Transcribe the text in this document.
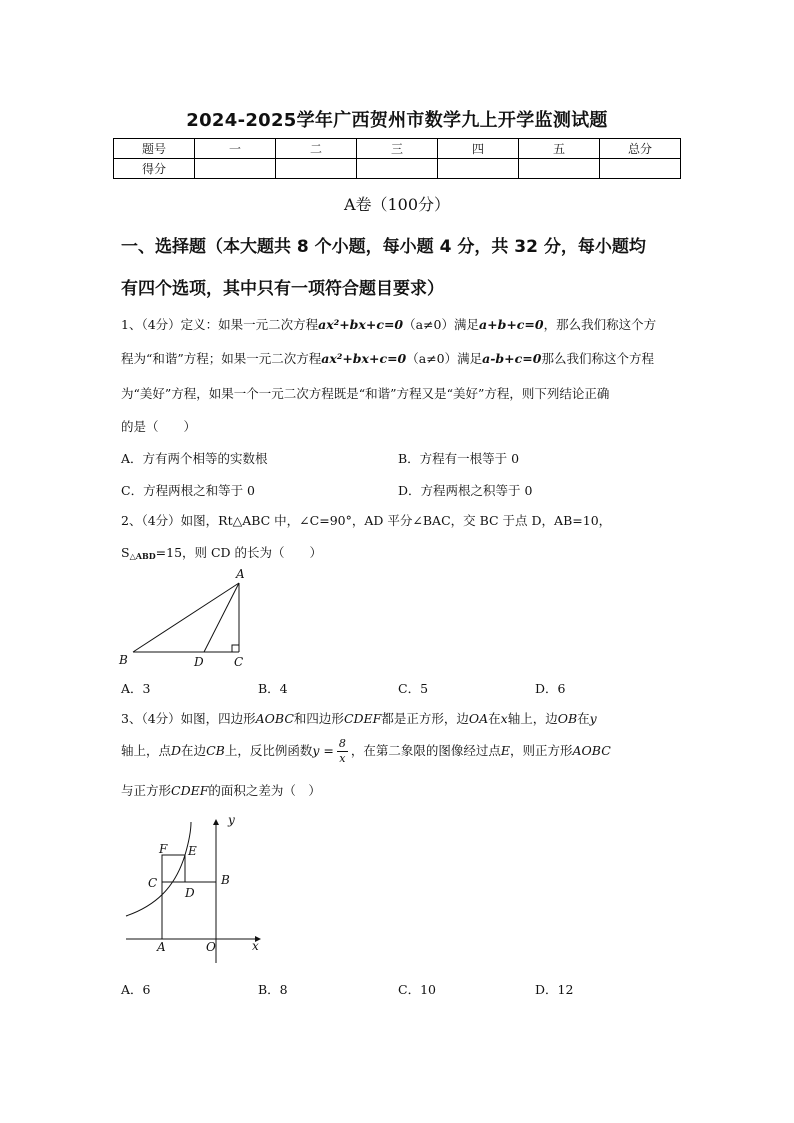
2024-2025学年广西贺州市数学九上开学监测试题
题号	一	二	三	四	五	总分
得分						
A卷（100分）
一、选择题（本大题共 8 个小题，每小题 4 分，共 32 分，每小题均
有四个选项，其中只有一项符合题目要求）
1、（4分）定义：如果一元二次方程ax²+bx+c=0（a≠0）满足a+b+c=0，那么我们称这个方
程为“和谐”方程；如果一元二次方程ax²+bx+c=0（a≠0）满足a-b+c=0那么我们称这个方程
为“美好”方程，如果一个一元二次方程既是“和谐”方程又是“美好”方程，则下列结论正确
的是（　　）
A．方有两个相等的实数根	B．方程有一根等于 0
C．方程两根之和等于 0	D．方程两根之积等于 0
2、（4分）如图，Rt△ABC 中，∠C=90°，AD 平分∠BAC，交 BC 于点 D，AB=10，
$S_{\triangle ABD}=15$，则 CD 的长为（　　）
A
B	D	C
A．3	B．4	C．5	D．6
3、（4分）如图，四边形AOBC和四边形CDEF都是正方形，边OA在x轴上，边OB在y
轴上，点D在边CB上，反比例函数$y = \frac{8}{x}$ ，在第二象限的图像经过点E，则正方形AOBC
与正方形CDEF的面积之差为（　）
y
F E
C	B
D
A	O	x
A．6	B．8	C．10	D．12
